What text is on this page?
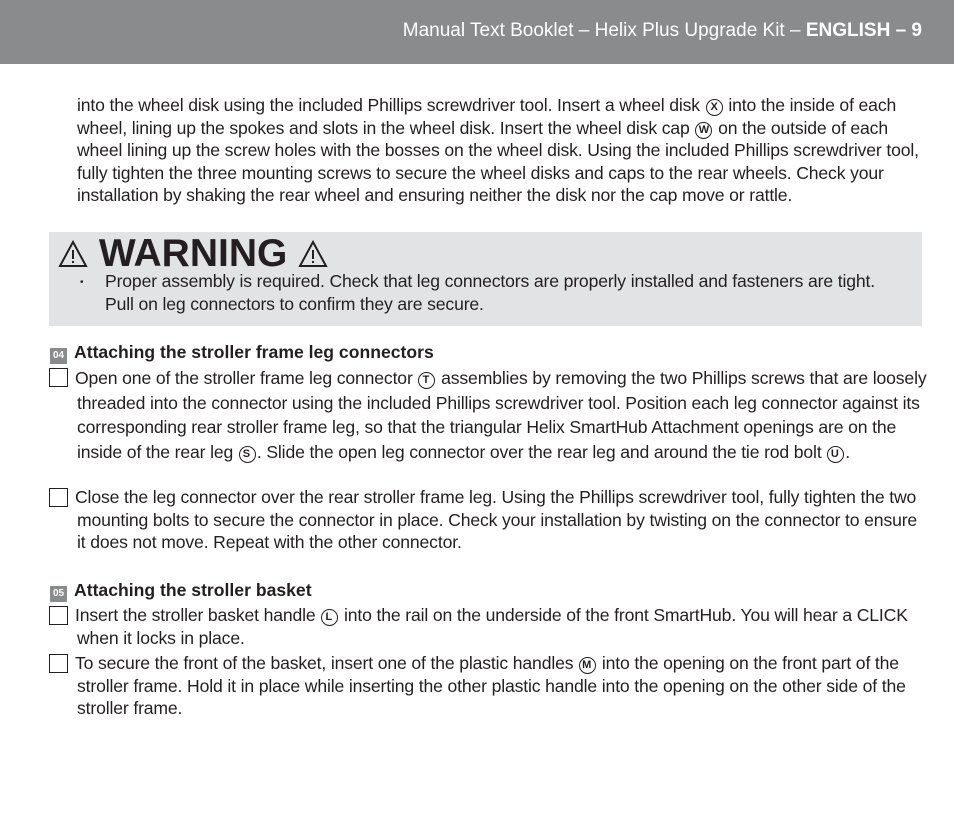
Manual Text Booklet – Helix Plus Upgrade Kit – ENGLISH – 9
into the wheel disk using the included Phillips screwdriver tool. Insert a wheel disk X into the inside of each wheel, lining up the spokes and slots in the wheel disk. Insert the wheel disk cap W on the outside of each wheel lining up the screw holes with the bosses on the wheel disk. Using the included Phillips screwdriver tool, fully tighten the three mounting screws to secure the wheel disks and caps to the rear wheels. Check your installation by shaking the rear wheel and ensuring neither the disk nor the cap move or rattle.
WARNING
• Proper assembly is required. Check that leg connectors are properly installed and fasteners are tight. Pull on leg connectors to confirm they are secure.
04 Attaching the stroller frame leg connectors
Open one of the stroller frame leg connector T assemblies by removing the two Phillips screws that are loosely threaded into the connector using the included Phillips screwdriver tool. Position each leg connector against its corresponding rear stroller frame leg, so that the triangular Helix SmartHub Attachment openings are on the inside of the rear leg S . Slide the open leg connector over the rear leg and around the tie rod bolt U .
Close the leg connector over the rear stroller frame leg. Using the Phillips screwdriver tool, fully tighten the two mounting bolts to secure the connector in place. Check your installation by twisting on the connector to ensure it does not move. Repeat with the other connector.
05 Attaching the stroller basket
Insert the stroller basket handle L into the rail on the underside of the front SmartHub. You will hear a CLICK when it locks in place.
To secure the front of the basket, insert one of the plastic handles M into the opening on the front part of the stroller frame. Hold it in place while inserting the other plastic handle into the opening on the other side of the stroller frame.
